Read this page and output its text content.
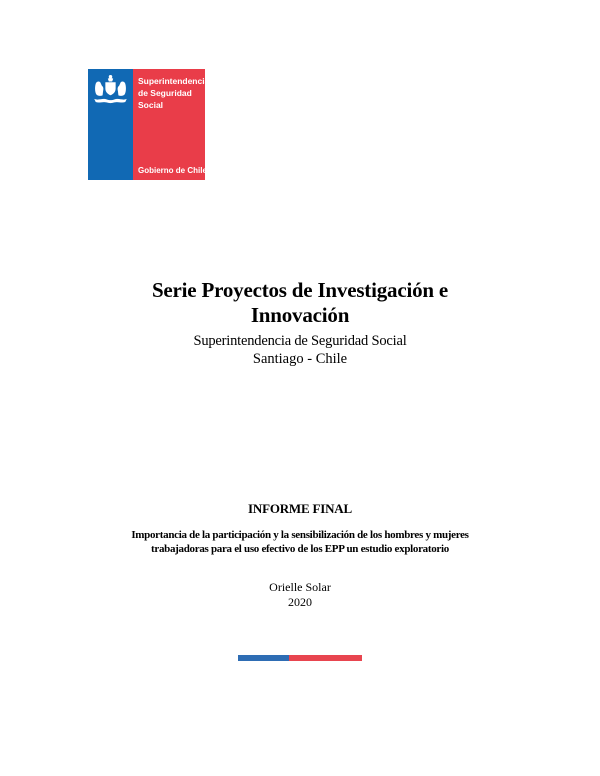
Superintendencia
de Seguridad
Social
Gobierno de Chile
Serie Proyectos de Investigación e
Innovación
Superintendencia de Seguridad Social
Santiago - Chile
INFORME FINAL
Importancia de la participación y la sensibilización de los hombres y mujeres
trabajadoras para el uso efectivo de los EPP un estudio exploratorio
Orielle Solar
2020
